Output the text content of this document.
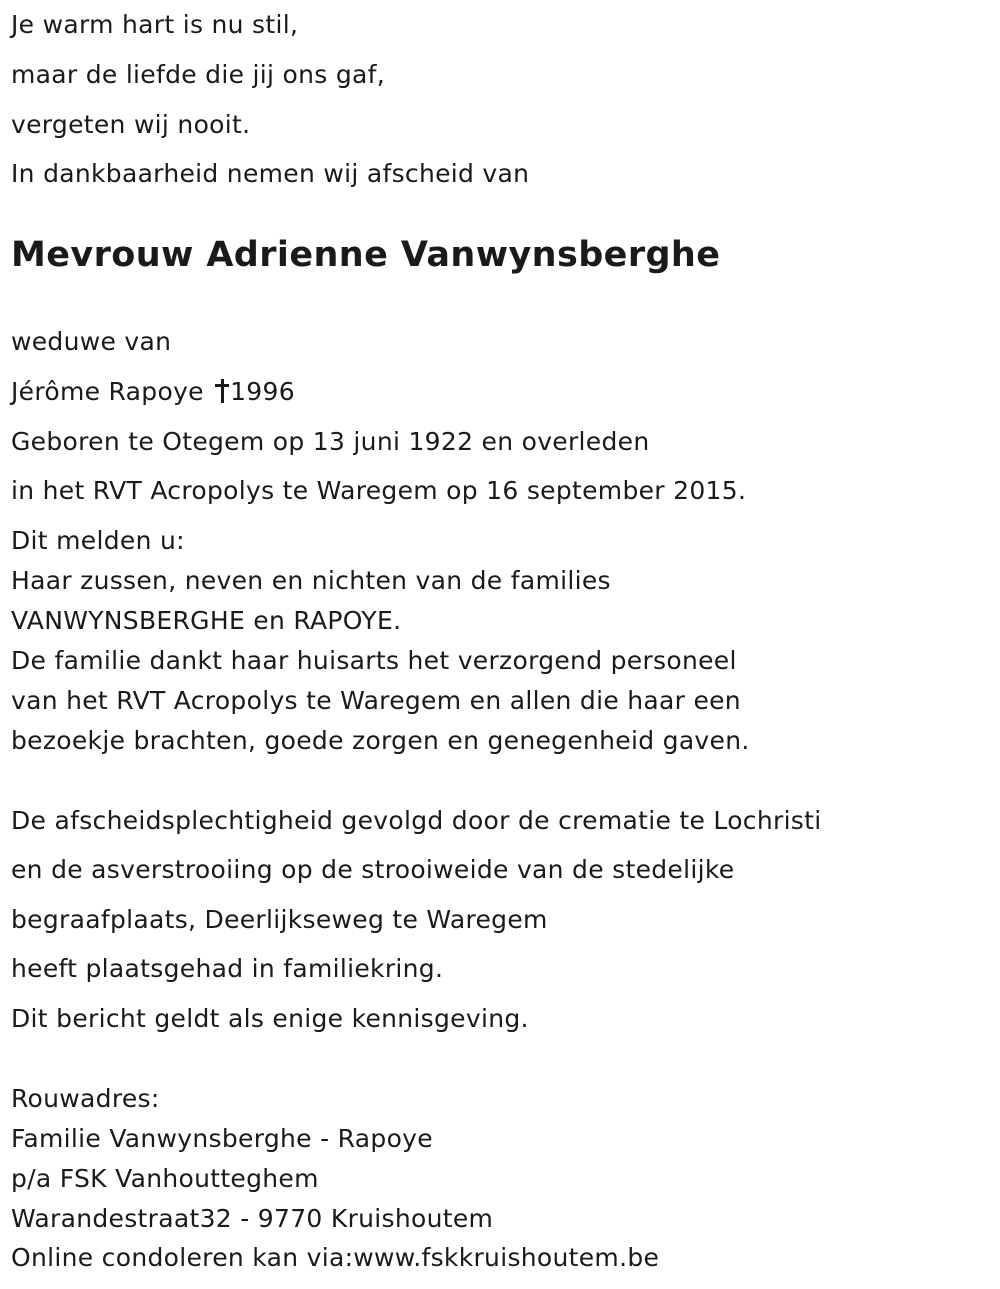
Je warm hart is nu stil,
maar de liefde die jij ons gaf,
vergeten wij nooit.
In dankbaarheid nemen wij afscheid van
Mevrouw Adrienne Vanwynsberghe
weduwe van
Jérôme Rapoye 1996
Geboren te Otegem op 13 juni 1922 en overleden
in het RVT Acropolys te Waregem op 16 september 2015.
Dit melden u:
Haar zussen, neven en nichten van de families
VANWYNSBERGHE en RAPOYE.
De familie dankt haar huisarts het verzorgend personeel
van het RVT Acropolys te Waregem en allen die haar een
bezoekje brachten, goede zorgen en genegenheid gaven.
De afscheidsplechtigheid gevolgd door de crematie te Lochristi
en de asverstrooiing op de strooiweide van de stedelijke
begraafplaats, Deerlijkseweg te Waregem
heeft plaatsgehad in familiekring.
Dit bericht geldt als enige kennisgeving.
Rouwadres:
Familie Vanwynsberghe - Rapoye
p/a FSK Vanhoutteghem
Warandestraat32 - 9770 Kruishoutem
Online condoleren kan via:www.fskkruishoutem.be
